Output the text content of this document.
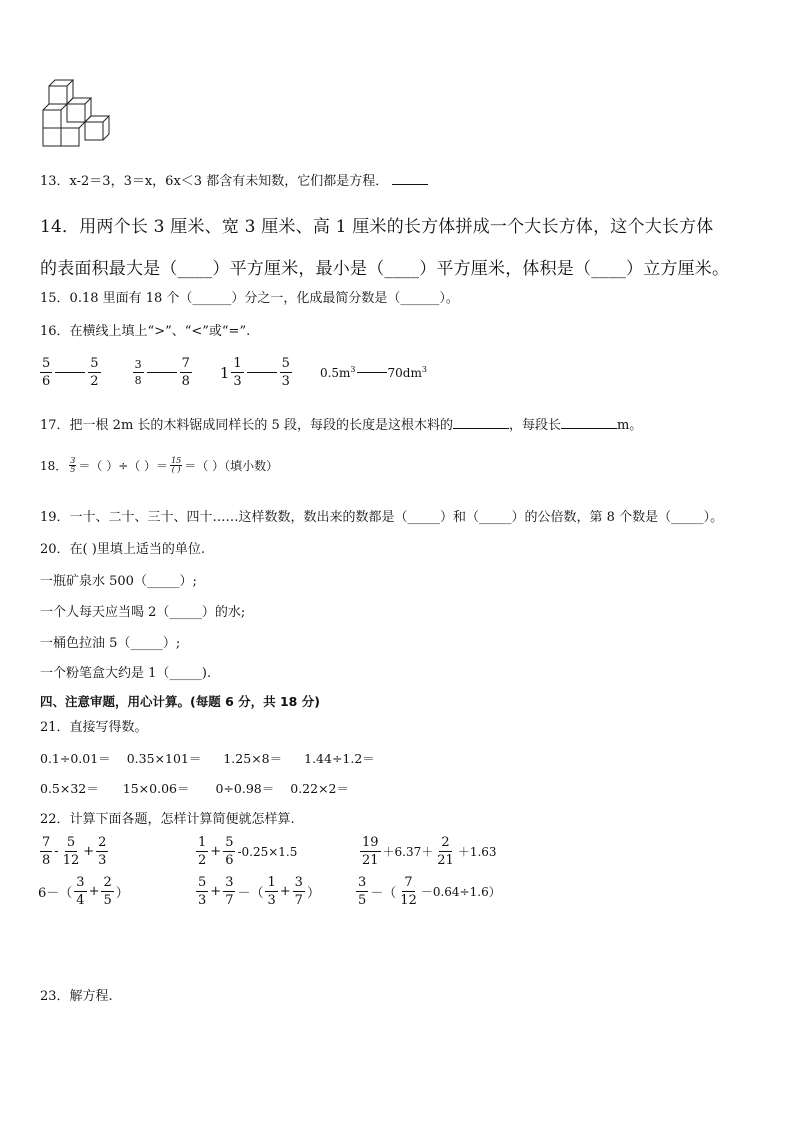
13．x-2＝3，3＝x，6x＜3 都含有未知数，它们都是方程．
14．用两个长 3 厘米、宽 3 厘米、高 1 厘米的长方体拼成一个大长方体，这个大长方体
的表面积最大是（____）平方厘米，最小是（____）平方厘米，体积是（____）立方厘米。
15．0.18 里面有 18 个（______）分之一，化成最简分数是（______）。
16．在横线上填上“>”、“<”或“=”.
$\frac{5}{6}$	$\frac{5}{2}$	$\frac{3}{8}$	$\frac{7}{8} 1 \frac{1}{3}$	$\frac{5}{3} 0.5m^3$	$70dm^3$
17．把一根 2m 长的木料锯成同样长的 5 段，每段的长度是这根木料的	，每段长	m。
18． $\frac{3}{5}$ ＝（ ）÷（ ）＝ $\frac{15}{( )}$ ＝（ ）（填小数）
19．一十、二十、三十、四十……这样数数，数出来的数都是（_____）和（_____）的公倍数，第 8 个数是（_____）。
20．在( )里填上适当的单位.
一瓶矿泉水 500（_____）;
一个人每天应当喝 2（_____）的水;
一桶色拉油 5（_____）;
一个粉笔盒大约是 1（_____).
四、注意审题，用心计算。(每题 6 分，共 18 分)
21．直接写得数。
0.1÷0.01＝ 0.35×101＝ 1.25×8＝ 1.44÷1.2＝
0.5×32＝ 15×0.06＝ 0÷0.98＝ 0.22×2＝
22．计算下面各题，怎样计算简便就怎样算.
$\frac{7}{8} - \frac{5}{12} + \frac{2}{3}$	$\frac{1}{2} + \frac{5}{6} -0.25\times 1.5$	$\frac{19}{21} +6.37+ \frac{2}{21} +1.63$
$6-( \frac{3}{4} + \frac{2}{5}$ ）	$\frac{5}{3} + \frac{3}{7}$ －（ $\frac{1}{3} + \frac{3}{7}$ ）	$\frac{3}{5}$ －（ $\frac{7}{12} -0.64\div 1.6$）
23．解方程.
